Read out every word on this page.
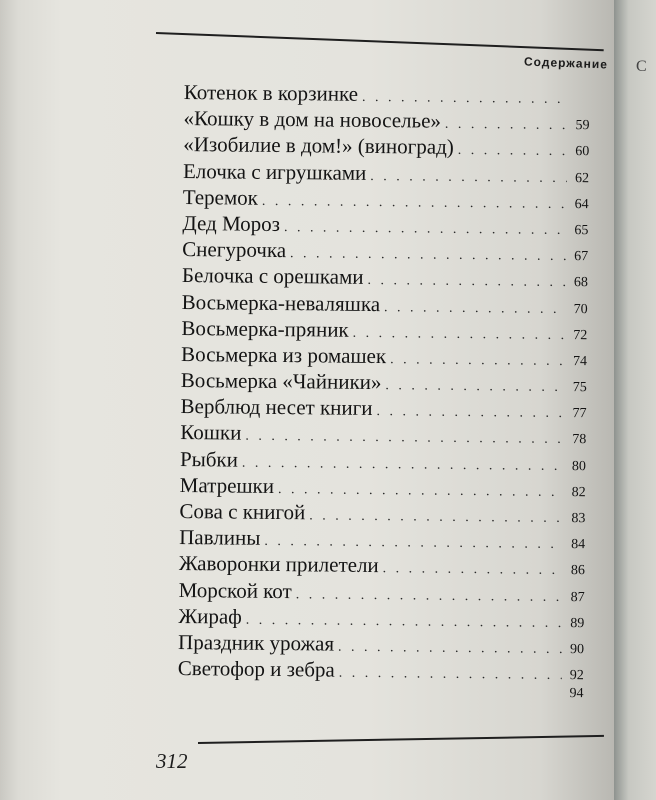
Содержание
Котенок в корзинке
. . .
«Кошку в дом на новоселье» . . .	59
«Изобилие в дом!» (виноград) . . .	60
Елочка с игрушками . . .	62
Теремок . . .	64
Дед Мороз . . .	65
Снегурочка . . .	67
Белочка с орешками . . .	68
Восьмерка-неваляшка . . .	70
Восьмерка-пряник . . .	72
Восьмерка из ромашек . . .	74
Восьмерка «Чайники» . . .	75
Верблюд несет книги . . .	77
Кошки . . .	78
Рыбки . . .	80
Матрешки . . .	82
Сова с книгой . . .	83
Павлины . . .	84
Жаворонки прилетели . . .	86
Морской кот . . .	87
Жираф . . .	89
Праздник урожая . . .	90
Светофор и зебра . . .	92
94
312
С
